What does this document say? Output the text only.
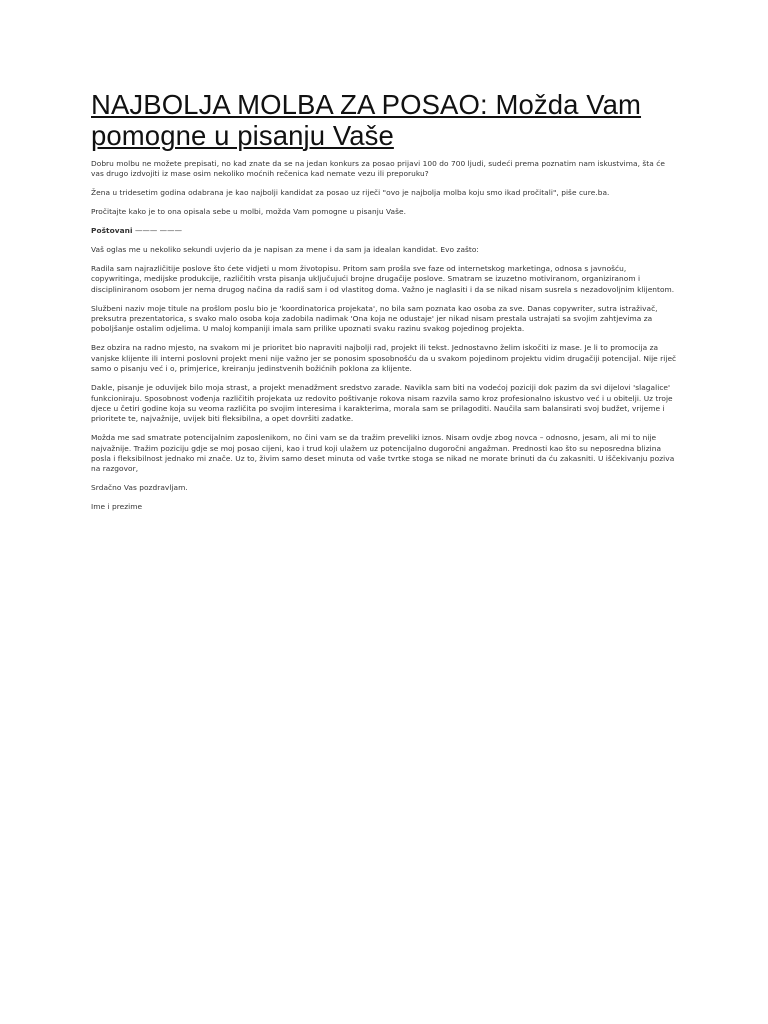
NAJBOLJA MOLBA ZA POSAO: Možda Vam pomogne u pisanju Vaše

Dobru molbu ne možete prepisati, no kad znate da se na jedan konkurs za posao prijavi 100 do 700 ljudi, sudeći prema poznatim nam iskustvima, šta će vas drugo izdvojiti iz mase osim nekoliko moćnih rečenica kad nemate vezu ili preporuku?

Žena u tridesetim godina odabrana je kao najbolji kandidat za posao uz riječi "ovo je najbolja molba koju smo ikad pročitali", piše cure.ba.

Pročitajte kako je to ona opisala sebe u molbi, možda Vam pomogne u pisanju Vaše.

Poštovani ——— ———

Vaš oglas me u nekoliko sekundi uvjerio da je napisan za mene i da sam ja idealan kandidat. Evo zašto:

Radila sam najrazličitije poslove što ćete vidjeti u mom životopisu. Pritom sam prošla sve faze od internetskog marketinga, odnosa s javnošću, copywritinga, medijske produkcije, različitih vrsta pisanja uključujući brojne drugačije poslove. Smatram se izuzetno motiviranom, organiziranom i discipliniranom osobom jer nema drugog načina da radiš sam i od vlastitog doma. Važno je naglasiti i da se nikad nisam susrela s nezadovoljnim klijentom.

Službeni naziv moje titule na prošlom poslu bio je 'koordinatorica projekata', no bila sam poznata kao osoba za sve. Danas copywriter, sutra istraživač, preksutra prezentatorica, s svako malo osoba koja zadobila nadimak 'Ona koja ne odustaje' jer nikad nisam prestala ustrajati sa svojim zahtjevima za poboljšanje ostalim odjelima. U maloj kompaniji imala sam prilike upoznati svaku razinu svakog pojedinog projekta.

Bez obzira na radno mjesto, na svakom mi je prioritet bio napraviti najbolji rad, projekt ili tekst. Jednostavno želim iskočiti iz mase. Je li to promocija za vanjske klijente ili interni poslovni projekt meni nije važno jer se ponosim sposobnošću da u svakom pojedinom projektu vidim drugačiji potencijal. Nije riječ samo o pisanju već i o, primjerice, kreiranju jedinstvenih božićnih poklona za klijente.

Dakle, pisanje je oduvijek bilo moja strast, a projekt menadžment sredstvo zarade. Navikla sam biti na vodećoj poziciji dok pazim da svi dijelovi 'slagalice' funkcioniraju. Sposobnost vođenja različitih projekata uz redovito poštivanje rokova nisam razvila samo kroz profesionalno iskustvo već i u obitelji. Uz troje djece u četiri godine koja su veoma različita po svojim interesima i karakterima, morala sam se prilagoditi. Naučila sam balansirati svoj budžet, vrijeme i prioritete te, najvažnije, uvijek biti fleksibilna, a opet dovršiti zadatke.

Možda me sad smatrate potencijalnim zaposlenikom, no čini vam se da tražim preveliki iznos. Nisam ovdje zbog novca – odnosno, jesam, ali mi to nije najvažnije. Tražim poziciju gdje se moj posao cijeni, kao i trud koji ulažem uz potencijalno dugoročni angažman. Prednosti kao što su neposredna blizina posla i fleksibilnost jednako mi znače. Uz to, živim samo deset minuta od vaše tvrtke stoga se nikad ne morate brinuti da ću zakasniti. U iščekivanju poziva na razgovor,

Srdačno Vas pozdravljam.

Ime i prezime
